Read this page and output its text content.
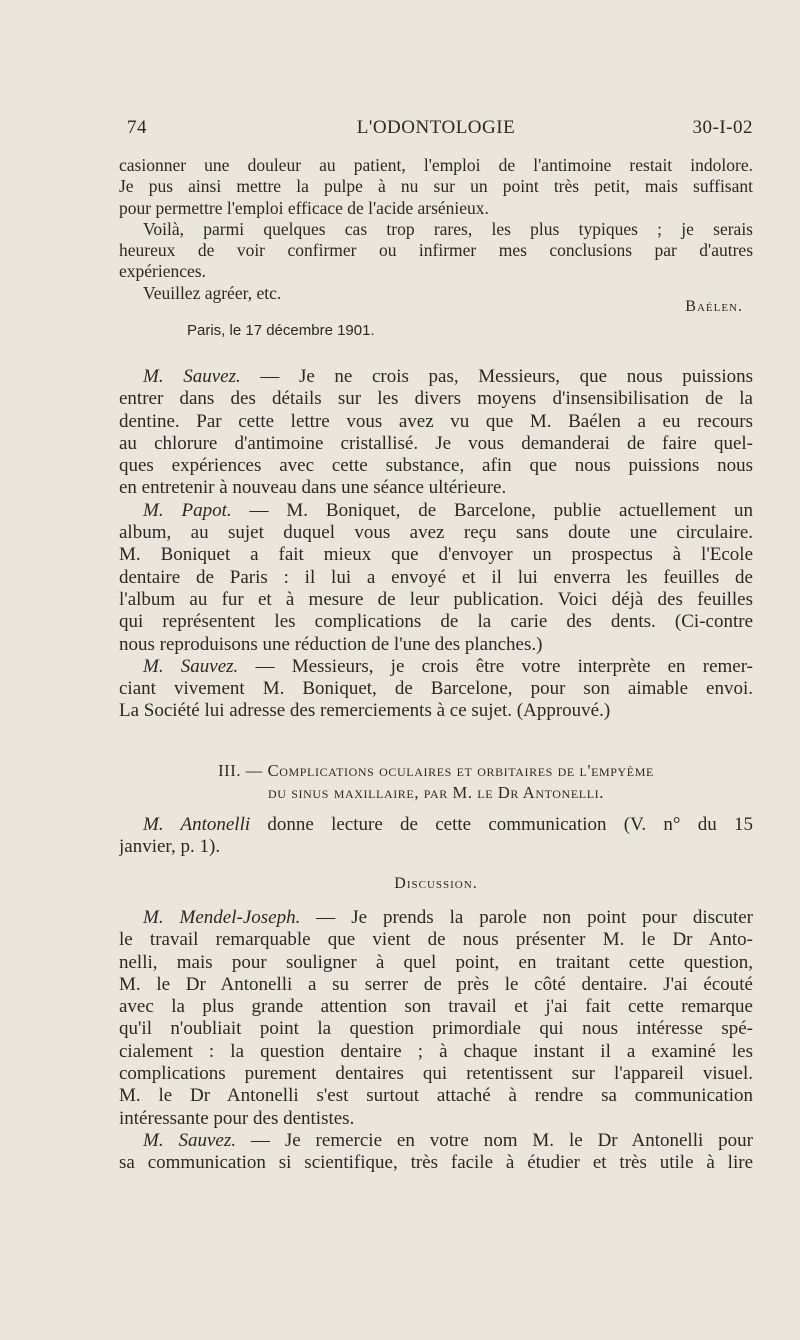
74	L'ODONTOLOGIE	30-I-02
casionner une douleur au patient, l'emploi de l'antimoine restait indolore.
Je pus ainsi mettre la pulpe à nu sur un point très petit, mais suffisant
pour permettre l'emploi efficace de l'acide arsénieux.
Voilà, parmi quelques cas trop rares, les plus typiques ; je serais
heureux de voir confirmer ou infirmer mes conclusions par d'autres
expériences.
Veuillez agréer, etc.
Baélen.
Paris, le 17 décembre 1901.
M. Sauvez. — Je ne crois pas, Messieurs, que nous puissions
entrer dans des détails sur les divers moyens d'insensibilisation de la
dentine. Par cette lettre vous avez vu que M. Baélen a eu recours
au chlorure d'antimoine cristallisé. Je vous demanderai de faire quel-
ques expériences avec cette substance, afin que nous puissions nous
en entretenir à nouveau dans une séance ultérieure.
M. Papot. — M. Boniquet, de Barcelone, publie actuellement un
album, au sujet duquel vous avez reçu sans doute une circulaire.
M. Boniquet a fait mieux que d'envoyer un prospectus à l'Ecole
dentaire de Paris : il lui a envoyé et il lui enverra les feuilles de
l'album au fur et à mesure de leur publication. Voici déjà des feuilles
qui représentent les complications de la carie des dents. (Ci-contre
nous reproduisons une réduction de l'une des planches.)
M. Sauvez. — Messieurs, je crois être votre interprète en remer-
ciant vivement M. Boniquet, de Barcelone, pour son aimable envoi.
La Société lui adresse des remerciements à ce sujet. (Approuvé.)
III. — Complications oculaires et orbitaires de l'empyème
du sinus maxillaire, par M. le Dr Antonelli.
M. Antonelli donne lecture de cette communication (V. n° du 15
janvier, p. 1).
Discussion.
M. Mendel-Joseph. — Je prends la parole non point pour discuter
le travail remarquable que vient de nous présenter M. le Dr Anto-
nelli, mais pour souligner à quel point, en traitant cette question,
M. le Dr Antonelli a su serrer de près le côté dentaire. J'ai écouté
avec la plus grande attention son travail et j'ai fait cette remarque
qu'il n'oubliait point la question primordiale qui nous intéresse spé-
cialement : la question dentaire ; à chaque instant il a examiné les
complications purement dentaires qui retentissent sur l'appareil visuel.
M. le Dr Antonelli s'est surtout attaché à rendre sa communication
intéressante pour des dentistes.
M. Sauvez. — Je remercie en votre nom M. le Dr Antonelli pour
sa communication si scientifique, très facile à étudier et très utile à lire
